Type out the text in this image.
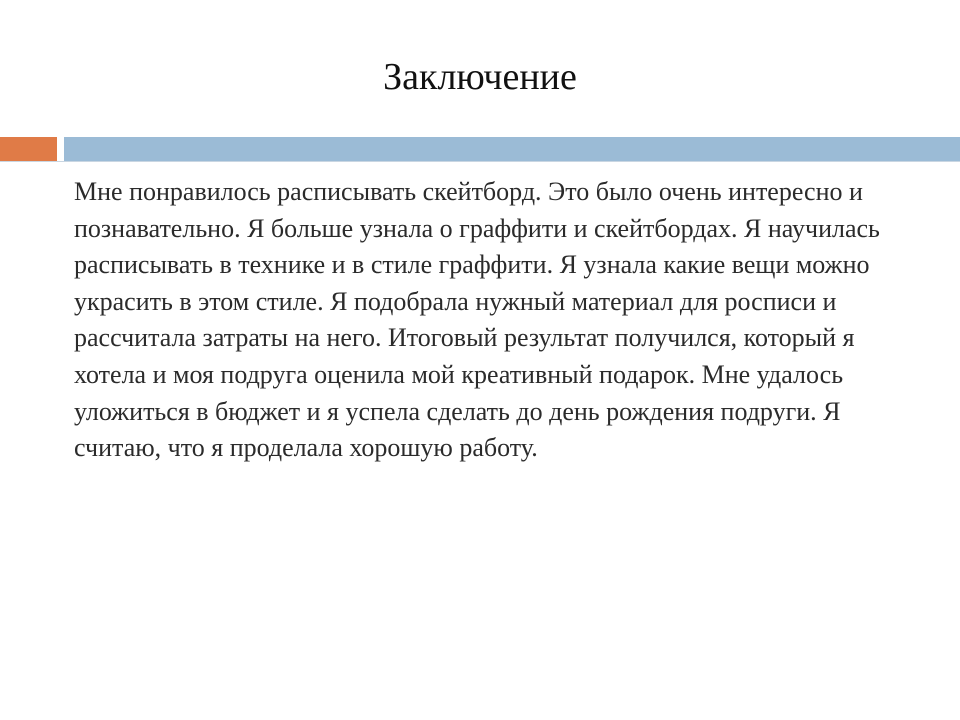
Заключение

Мне понравилось расписывать скейтборд. Это было очень интересно и познавательно. Я больше узнала о граффити и скейтбордах. Я научилась расписывать в технике и в стиле граффити. Я узнала какие вещи можно украсить в этом стиле. Я подобрала нужный материал для росписи и рассчитала затраты на него. Итоговый результат получился, который я хотела и моя подруга оценила мой креативный подарок. Мне удалось уложиться в бюджет и я успела сделать до день рождения подруги. Я считаю, что я проделала хорошую работу.
